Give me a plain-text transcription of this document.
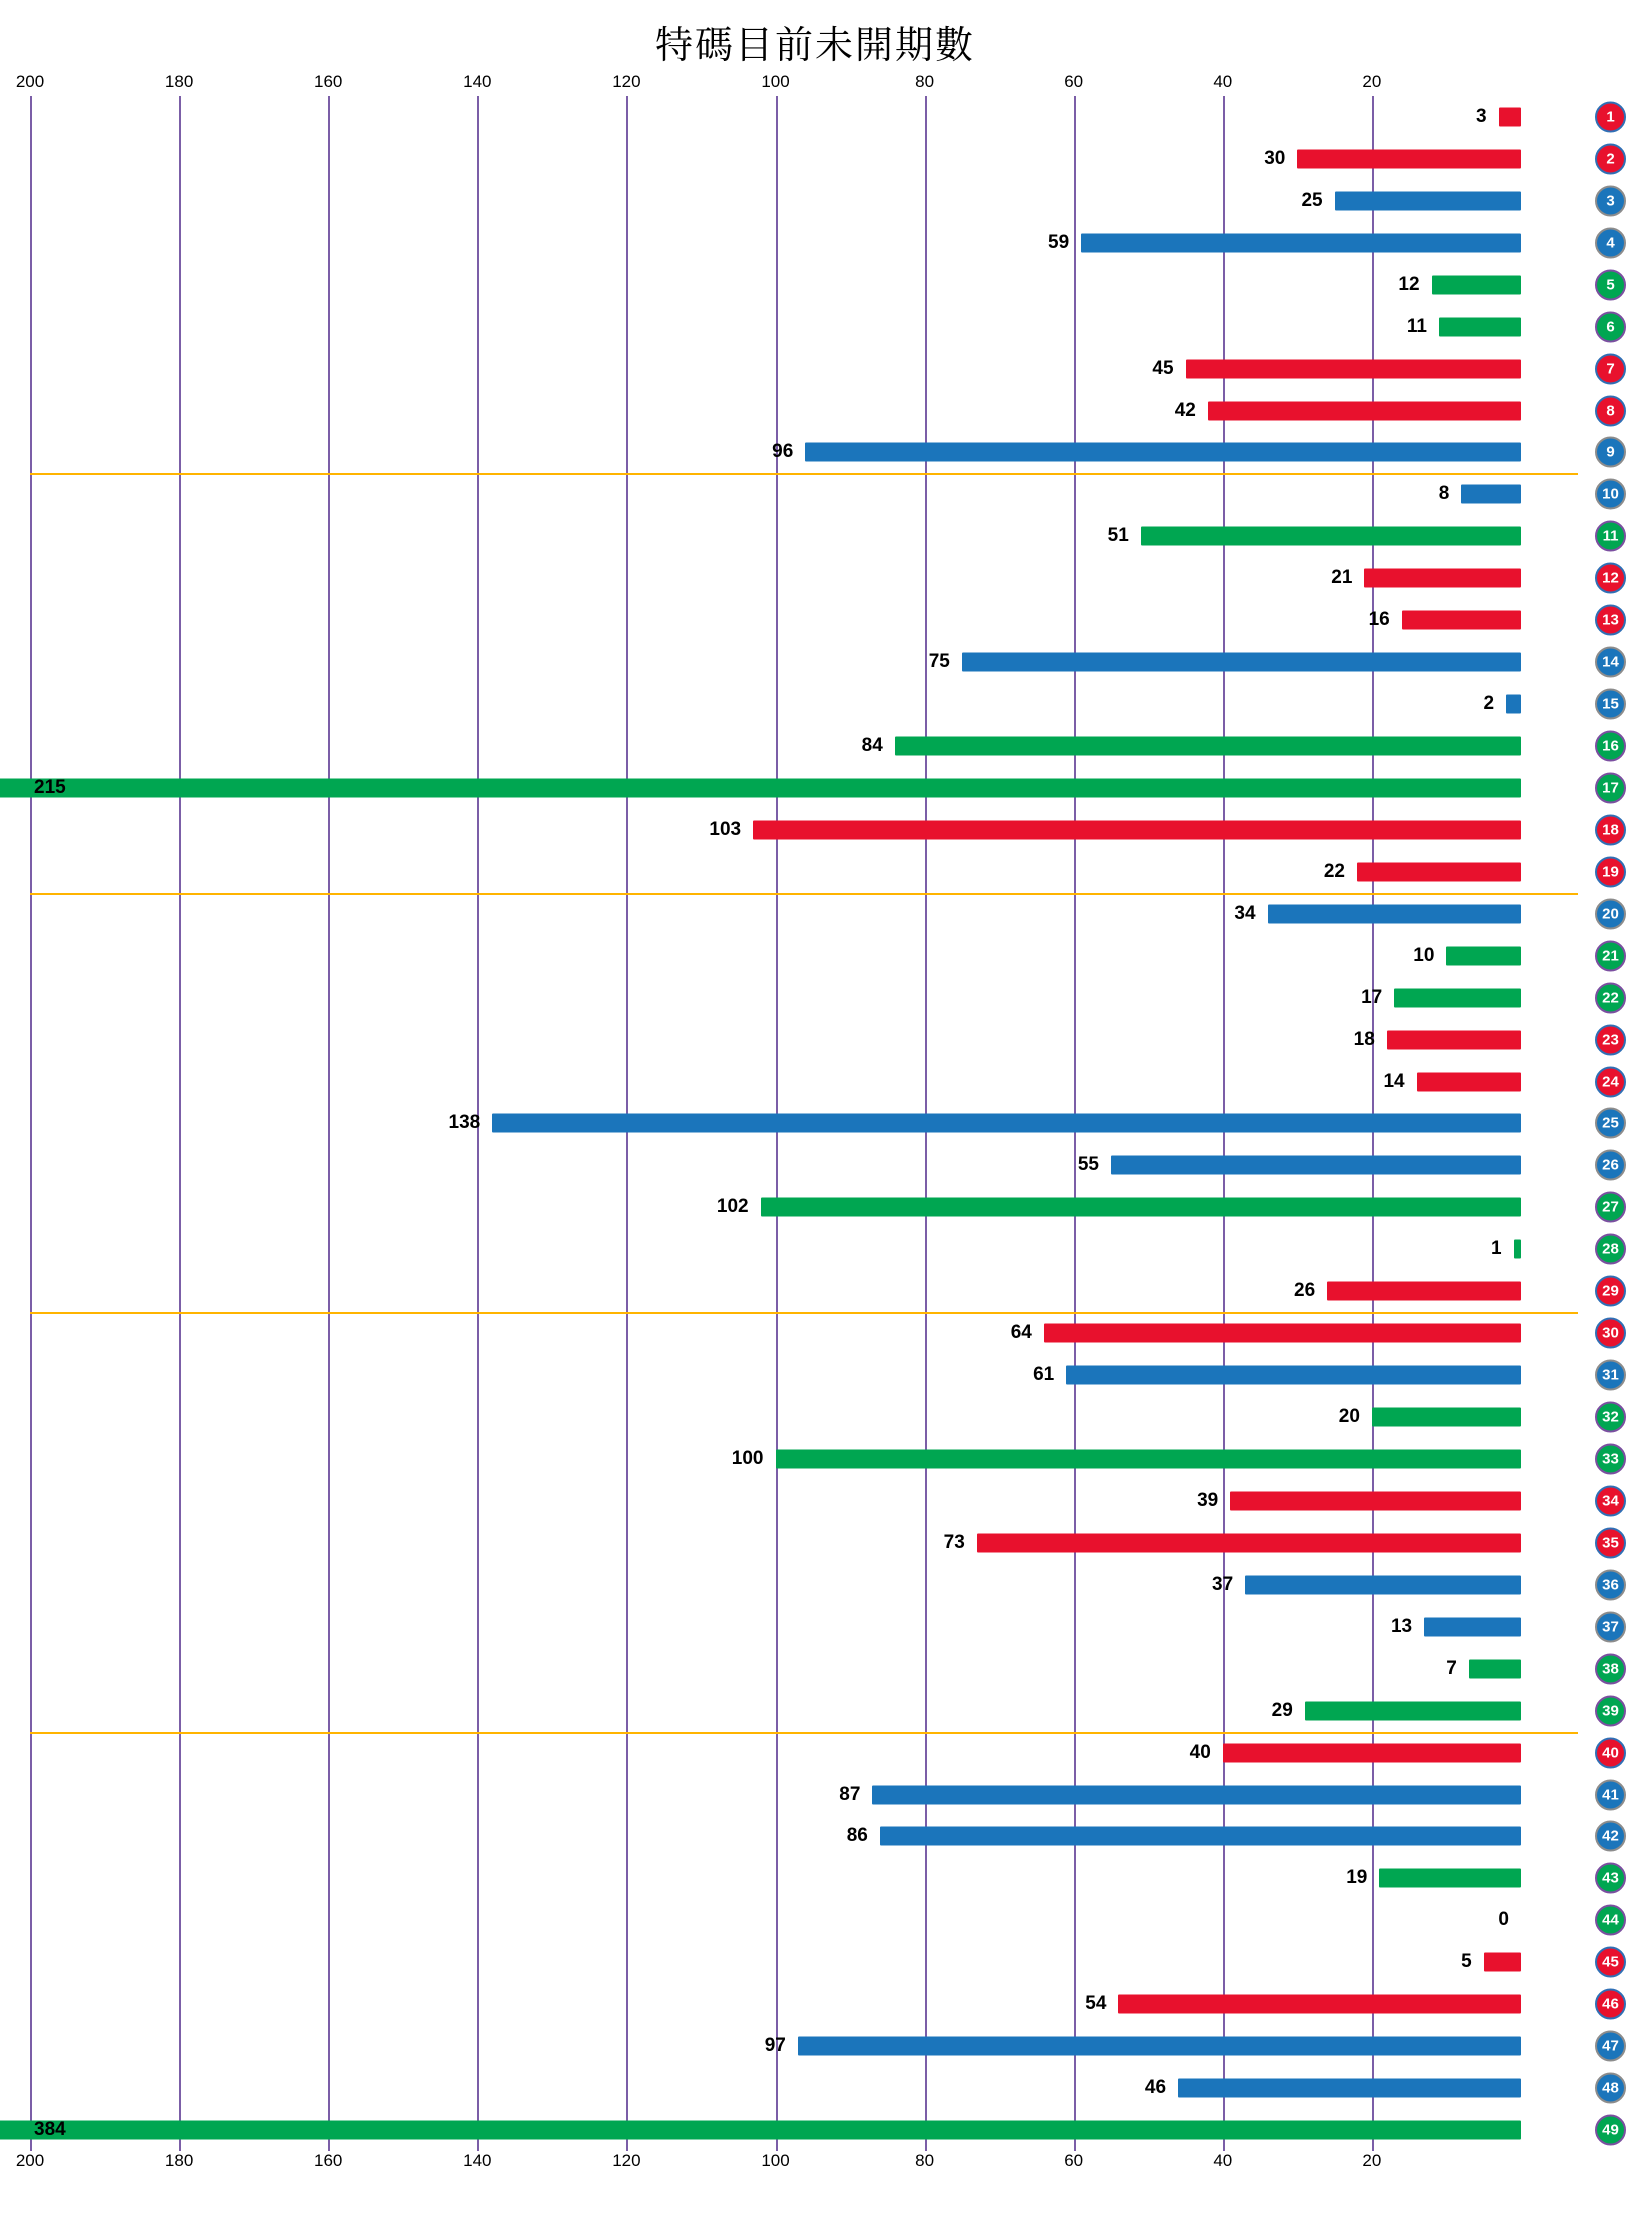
特碼目前未開期數
200	180	160	140	120	100	80	60	40	20
3	1
30	2
25	3
59	4
12	5
11	6
45	7
42	8
96	9
8	10
51	11
21	12
16	13
75	14
2	15
84	16
215	17
103	18
22	19
34	20
10	21
17	22
18	23
14	24
138	25
55	26
102	27
1	28
26	29
64	30
61	31
20	32
100	33
39	34
73	35
37	36
13	37
7	38
29	39
40	40
87	41
86	42
19	43
0	44
5	45
54	46
97	47
46	48
384	49
200	180	160	140	120	100	80	60	40	20
